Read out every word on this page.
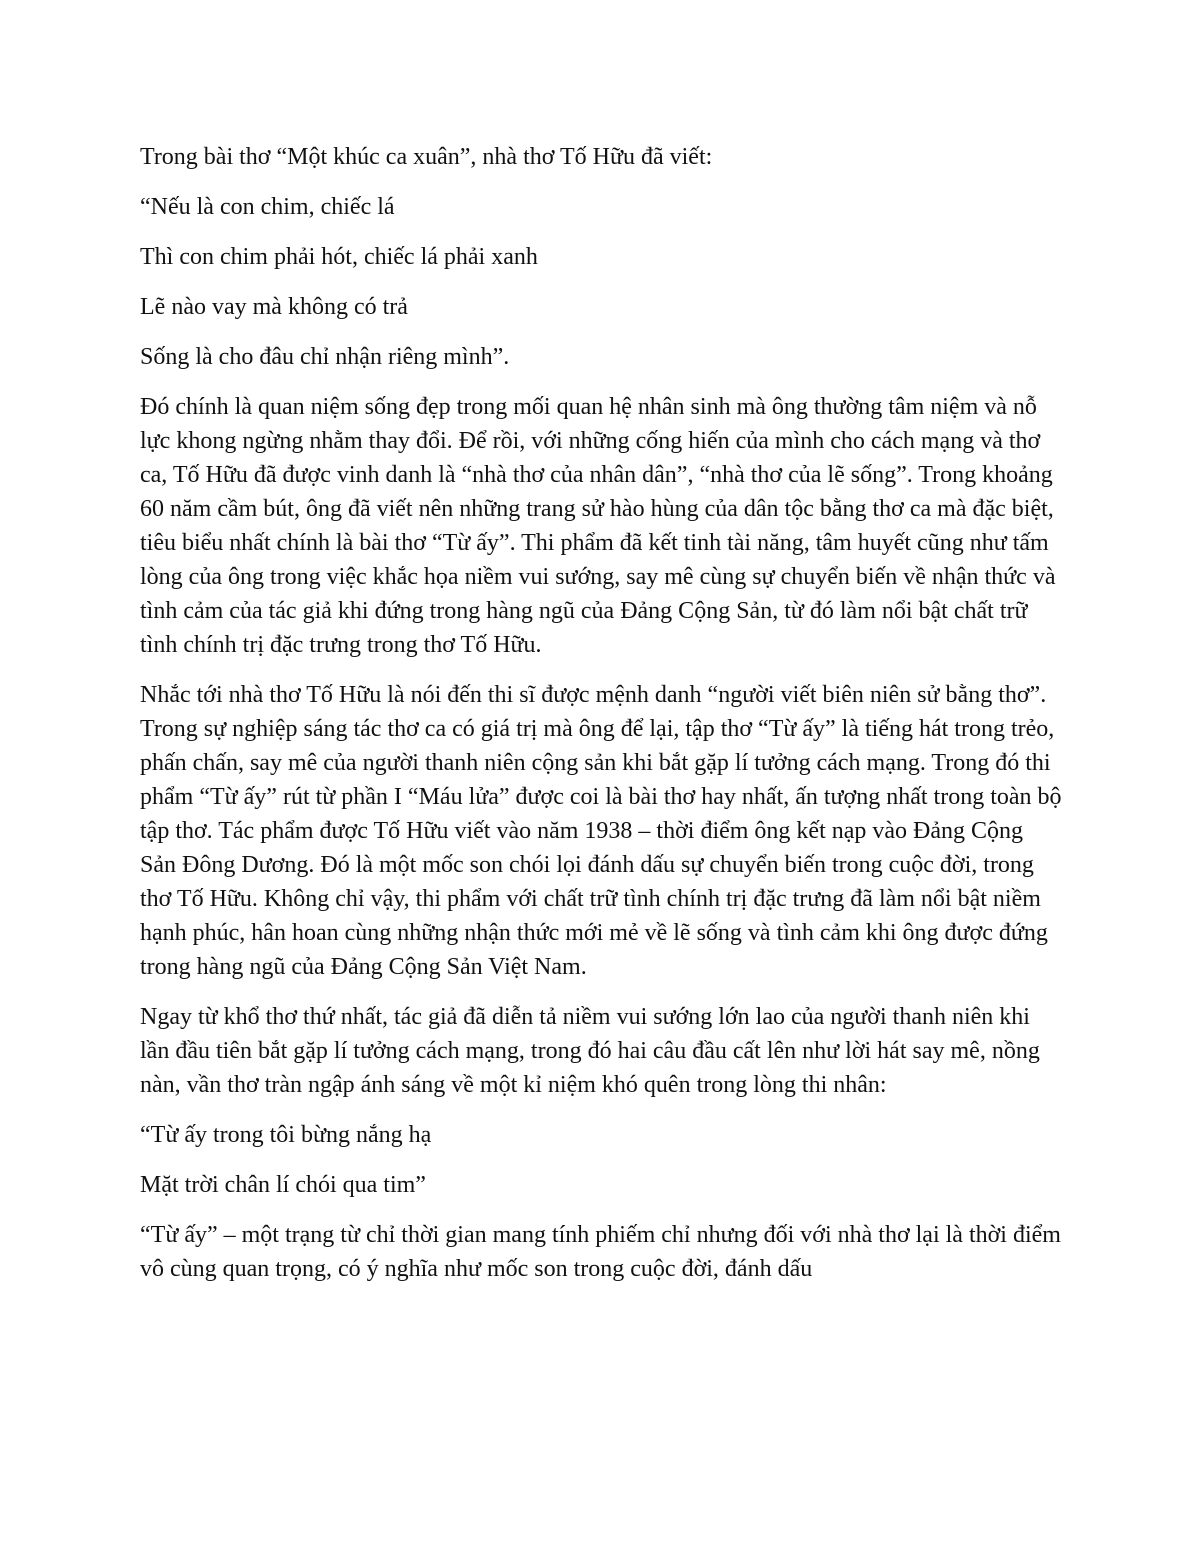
Trong bài thơ “Một khúc ca xuân”, nhà thơ Tố Hữu đã viết:

“Nếu là con chim, chiếc lá

Thì con chim phải hót, chiếc lá phải xanh

Lẽ nào vay mà không có trả

Sống là cho đâu chỉ nhận riêng mình”.

Đó chính là quan niệm sống đẹp trong mối quan hệ nhân sinh mà ông thường tâm niệm và nỗ lực khong ngừng nhằm thay đổi. Để rồi, với những cống hiến của mình cho cách mạng và thơ ca, Tố Hữu đã được vinh danh là “nhà thơ của nhân dân”, “nhà thơ của lẽ sống”. Trong khoảng 60 năm cầm bút, ông đã viết nên những trang sử hào hùng của dân tộc bằng thơ ca mà đặc biệt, tiêu biểu nhất chính là bài thơ “Từ ấy”. Thi phẩm đã kết tinh tài năng, tâm huyết cũng như tấm lòng của ông trong việc khắc họa niềm vui sướng, say mê cùng sự chuyển biến về nhận thức và tình cảm của tác giả khi đứng trong hàng ngũ của Đảng Cộng Sản, từ đó làm nổi bật chất trữ tình chính trị đặc trưng trong thơ Tố Hữu.

Nhắc tới nhà thơ Tố Hữu là nói đến thi sĩ được mệnh danh “người viết biên niên sử bằng thơ”. Trong sự nghiệp sáng tác thơ ca có giá trị mà ông để lại, tập thơ “Từ ấy” là tiếng hát trong trẻo, phấn chấn, say mê của người thanh niên cộng sản khi bắt gặp lí tưởng cách mạng. Trong đó thi phẩm “Từ ấy” rút từ phần I “Máu lửa” được coi là bài thơ hay nhất, ấn tượng nhất trong toàn bộ tập thơ. Tác phẩm được Tố Hữu viết vào năm 1938 – thời điểm ông kết nạp vào Đảng Cộng Sản Đông Dương. Đó là một mốc son chói lọi đánh dấu sự chuyển biến trong cuộc đời, trong thơ Tố Hữu. Không chỉ vậy, thi phẩm với chất trữ tình chính trị đặc trưng đã làm nổi bật niềm hạnh phúc, hân hoan cùng những nhận thức mới mẻ về lẽ sống và tình cảm khi ông được đứng trong hàng ngũ của Đảng Cộng Sản Việt Nam.

Ngay từ khổ thơ thứ nhất, tác giả đã diễn tả niềm vui sướng lớn lao của người thanh niên khi lần đầu tiên bắt gặp lí tưởng cách mạng, trong đó hai câu đầu cất lên như lời hát say mê, nồng nàn, vần thơ tràn ngập ánh sáng về một kỉ niệm khó quên trong lòng thi nhân:

“Từ ấy trong tôi bừng nắng hạ

Mặt trời chân lí chói qua tim”

“Từ ấy” – một trạng từ chỉ thời gian mang tính phiếm chỉ nhưng đối với nhà thơ lại là thời điểm vô cùng quan trọng, có ý nghĩa như mốc son trong cuộc đời, đánh dấu
